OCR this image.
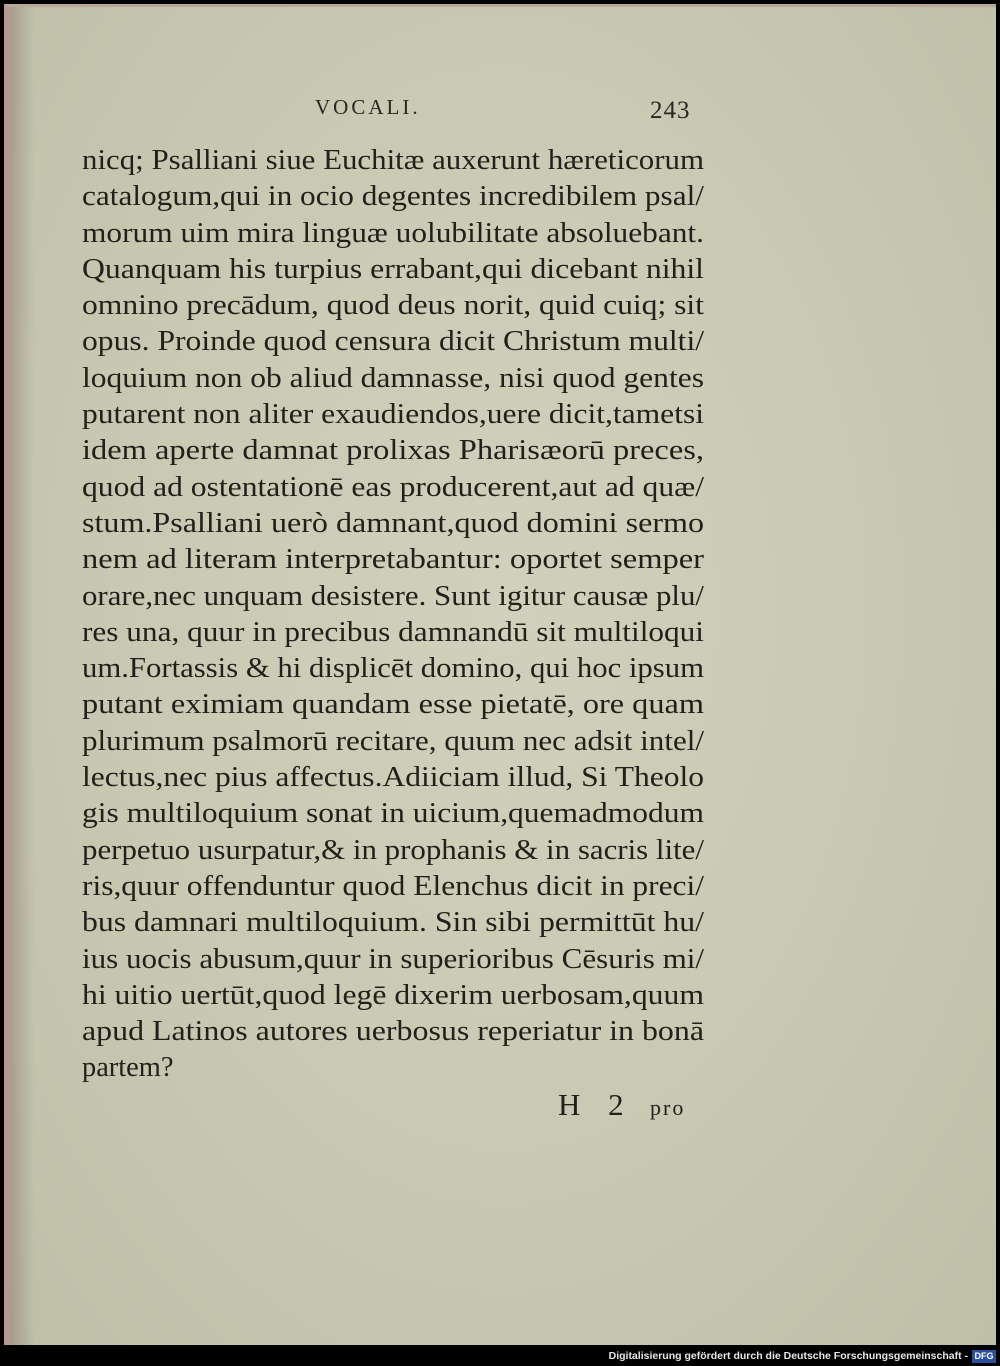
VOCALI.	243
nicq; Psalliani siue Euchitæ auxerunt hæreticorum
catalogum,qui in ocio degentes incredibilem psal/
morum uim mira linguæ uolubilitate absoluebant.
Quanquam his turpius errabant,qui dicebant nihil
omnino precādum, quod deus norit, quid cuiq; sit
opus. Proinde quod censura dicit Christum multi/
loquium non ob aliud damnasse, nisi quod gentes
putarent non aliter exaudiendos,uere dicit,tametsi
idem aperte damnat prolixas Pharisæorū preces,
quod ad ostentationē eas producerent,aut ad quæ/
stum.Psalliani uerò damnant,quod domini sermo
nem ad literam interpretabantur: oportet semper
orare,nec unquam desistere. Sunt igitur causæ plu/
res una, quur in precibus damnandū sit multiloqui
um.Fortassis & hi displicēt domino, qui hoc ipsum
putant eximiam quandam esse pietatē, ore quam
plurimum psalmorū recitare, quum nec adsit intel/
lectus,nec pius affectus.Adiiciam illud, Si Theolo
gis multiloquium sonat in uicium,quemadmodum
perpetuo usurpatur,& in prophanis & in sacris lite/
ris,quur offenduntur quod Elenchus dicit in preci/
bus damnari multiloquium. Sin sibi permittūt hu/
ius uocis abusum,quur in superioribus Cēsuris mi/
hi uitio uertūt,quod legē dixerim uerbosam,quum
apud Latinos autores uerbosus reperiatur in bonā
partem?
H 2 pro
Digitalisierung gefördert durch die Deutsche Forschungsgemeinschaft - DFG
